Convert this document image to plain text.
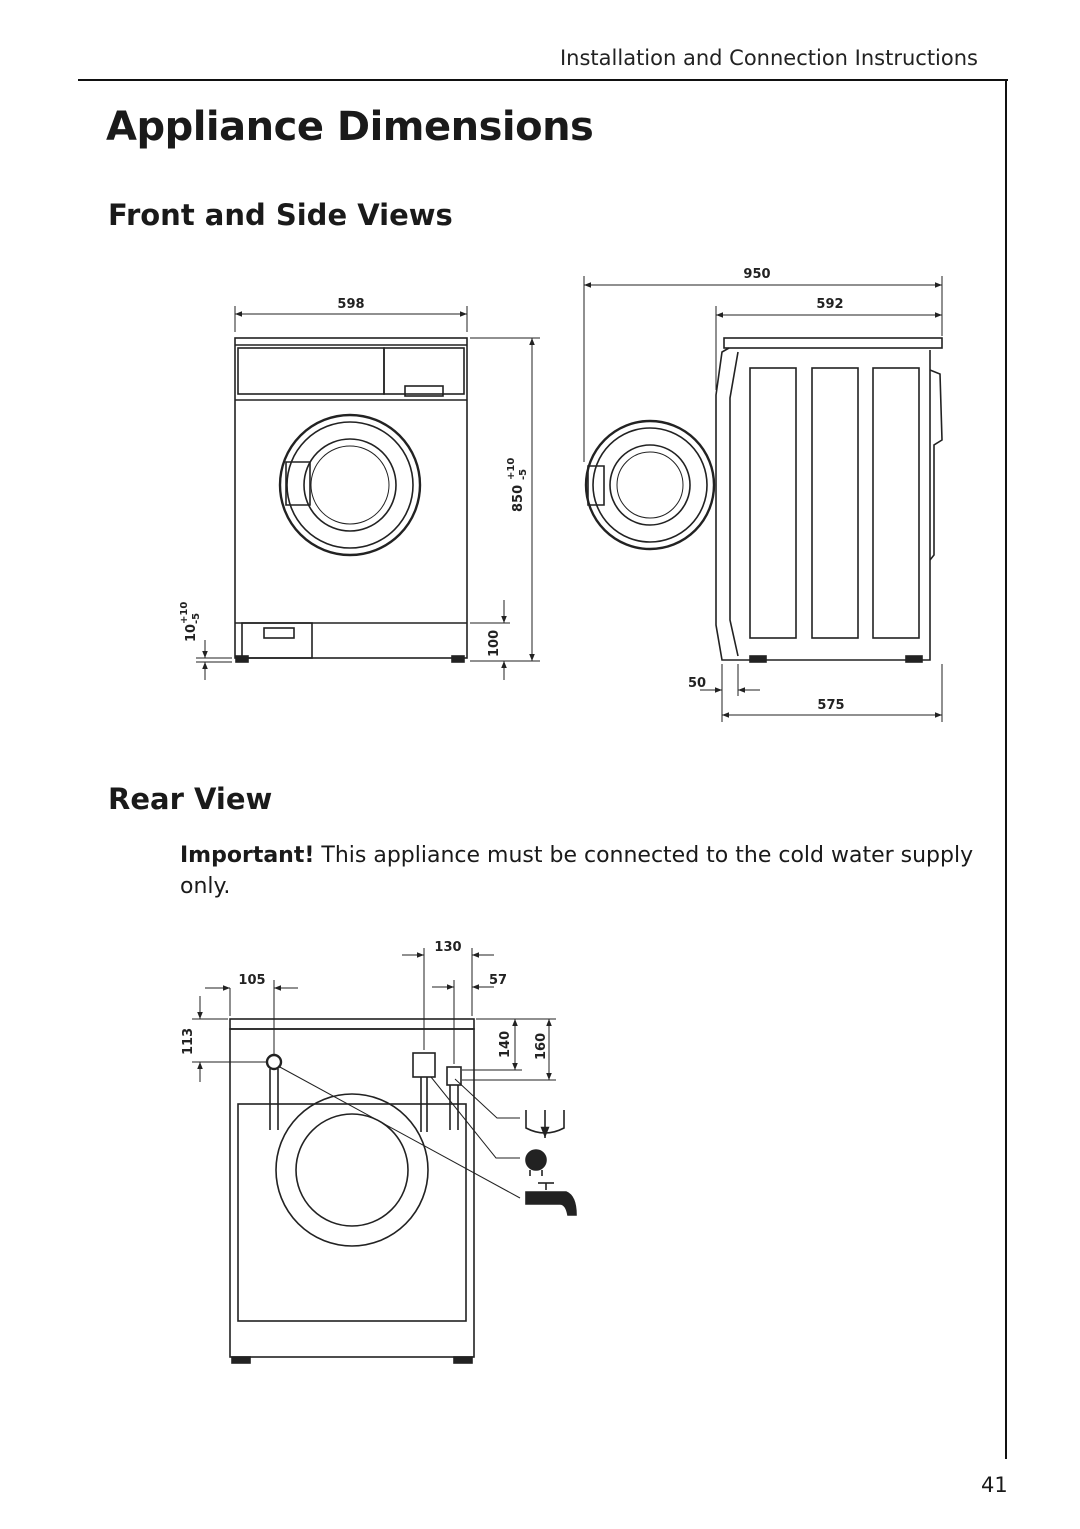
Installation and Connection Instructions
Appliance Dimensions
Front and Side Views
Rear View

Important! This appliance must be connected to the cold water supply only.

41
598
850
+10 -5
100
10
+10 -5
950
592
50
575
105
130
57
113	140 160
